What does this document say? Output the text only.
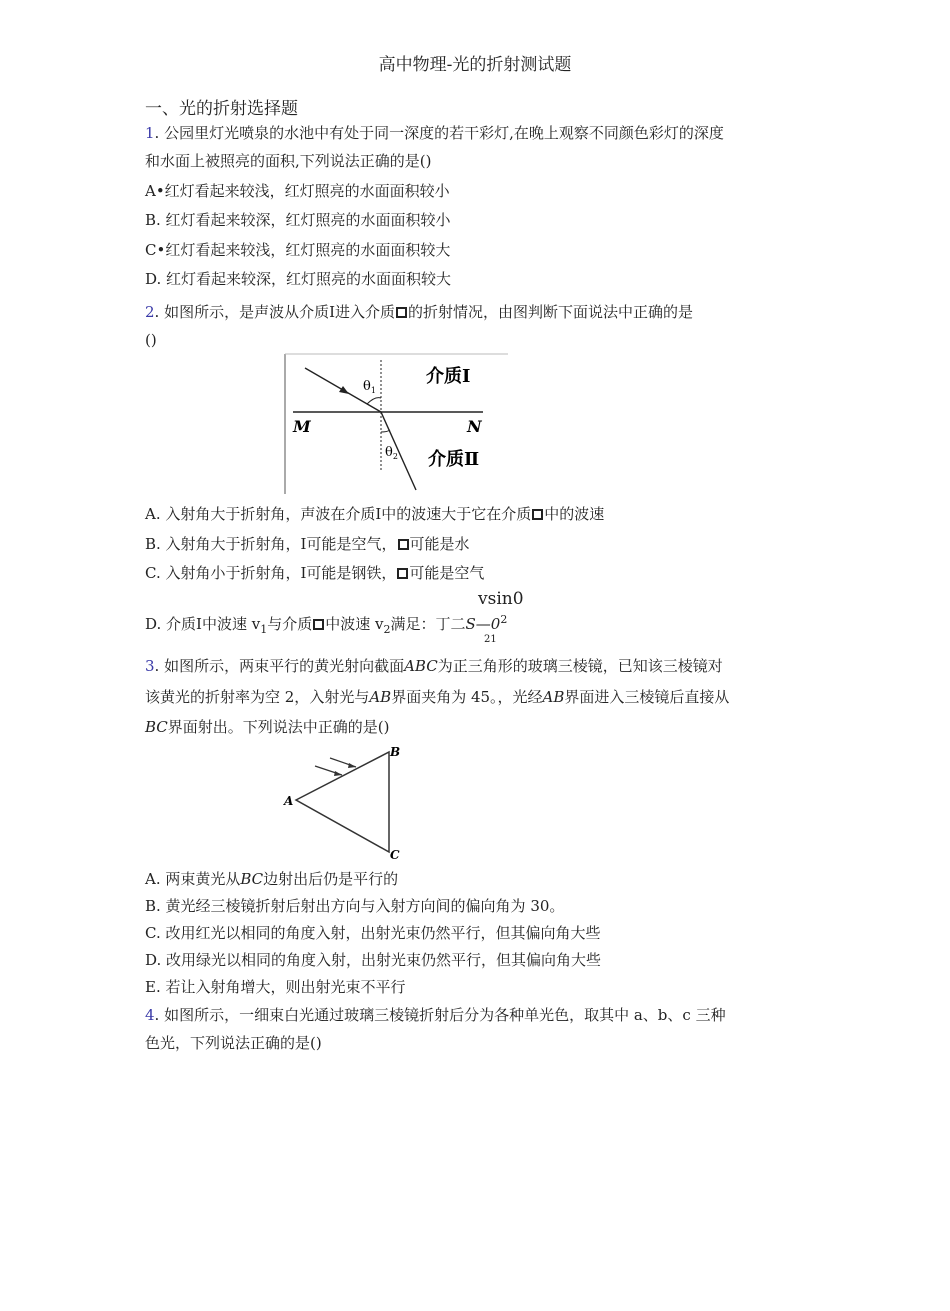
高中物理-光的折射测试题
一、光的折射选择题
1. 公园里灯光喷泉的水池中有处于同一深度的若干彩灯,在晚上观察不同颜色彩灯的深度
和水面上被照亮的面积,下列说法正确的是()
A•红灯看起来较浅，红灯照亮的水面面积较小
B. 红灯看起来较深，红灯照亮的水面面积较小
C•红灯看起来较浅，红灯照亮的水面面积较大
D. 红灯看起来较深，红灯照亮的水面面积较大
2. 如图所示，是声波从介质Ⅰ进入介质 的折射情况，由图判断下面说法中正确的是
()
$\theta_1$
$\theta_2$
介质Ⅰ
介质Ⅱ
M	N
A. 入射角大于折射角，声波在介质Ⅰ中的波速大于它在介质 中的波速
B. 入射角大于折射角，Ⅰ可能是空气， 可能是水
C. 入射角小于折射角，Ⅰ可能是钢铁， 可能是空气
vsin0
D. 介质Ⅰ中波速 $v_1$与介质 中波速 $v_2$满足：丁二$S—0^2$
21
3. 如图所示，两束平行的黄光射向截面ABC为正三角形的玻璃三棱镜，已知该三棱镜对
该黄光的折射率为空 2，入射光与AB界面夹角为 45。，光经AB界面进入三棱镜后直接从
BC界面射出。下列说法中正确的是()
A
B
C
A. 两束黄光从BC边射出后仍是平行的
B. 黄光经三棱镜折射后射出方向与入射方向间的偏向角为 30。
C. 改用红光以相同的角度入射，出射光束仍然平行，但其偏向角大些
D. 改用绿光以相同的角度入射，出射光束仍然平行，但其偏向角大些
E. 若让入射角增大，则出射光束不平行
4. 如图所示，一细束白光通过玻璃三棱镜折射后分为各种单光色，取其中 a、b、c 三种
色光，下列说法正确的是()
